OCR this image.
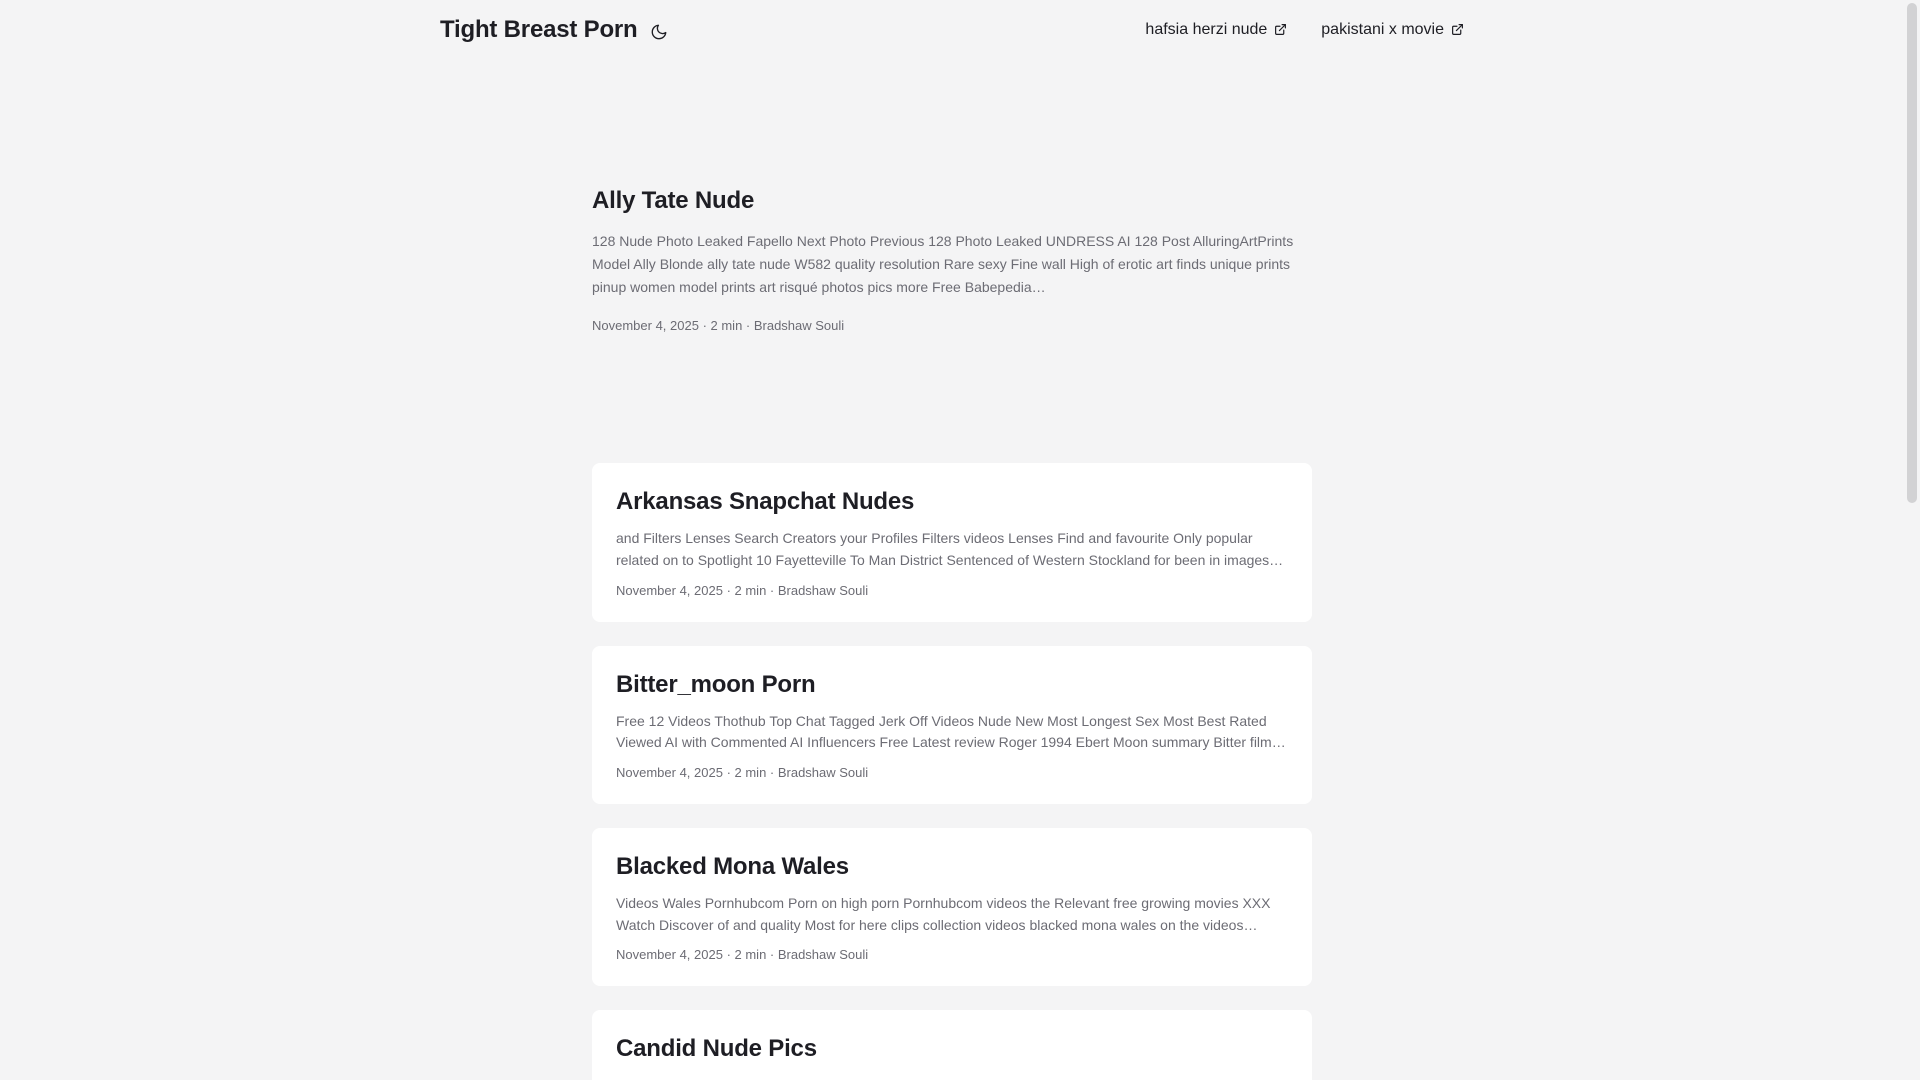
Tight Breast Porn	hafsia herzi nude	pakistani x movie
Ally Tate Nude
128 Nude Photo Leaked Fapello Next Photo Previous 128 Photo Leaked UNDRESS AI 128 Post AlluringArtPrints Model Ally Blonde ally tate nude W582 quality resolution Rare sexy Fine wall High of erotic art finds unique prints pinup women model prints art risqué photos pics more Free Babepedia…
November 4, 2025 · 2 min · Bradshaw Souli
Arkansas Snapchat Nudes
and Filters Lenses Search Creators your Profiles Filters videos Lenses Find and favourite Only popular related on to Spotlight 10 Fayetteville To Man District Sentenced of Western Stockland for been in images…
November 4, 2025 · 2 min · Bradshaw Souli
Bitter_moon Porn
Free 12 Videos Thothub Top Chat Tagged Jerk Off Videos Nude New Most Longest Sex Most Best Rated Viewed AI with Commented AI Influencers Free Latest review Roger 1994 Ebert Moon summary Bitter film…
November 4, 2025 · 2 min · Bradshaw Souli
Blacked Mona Wales
Videos Wales Pornhubcom Porn on high porn Pornhubcom videos the Relevant free growing movies XXX Watch Discover of and quality Most for here clips collection videos blacked mona wales on the videos…
November 4, 2025 · 2 min · Bradshaw Souli
Candid Nude Pics
